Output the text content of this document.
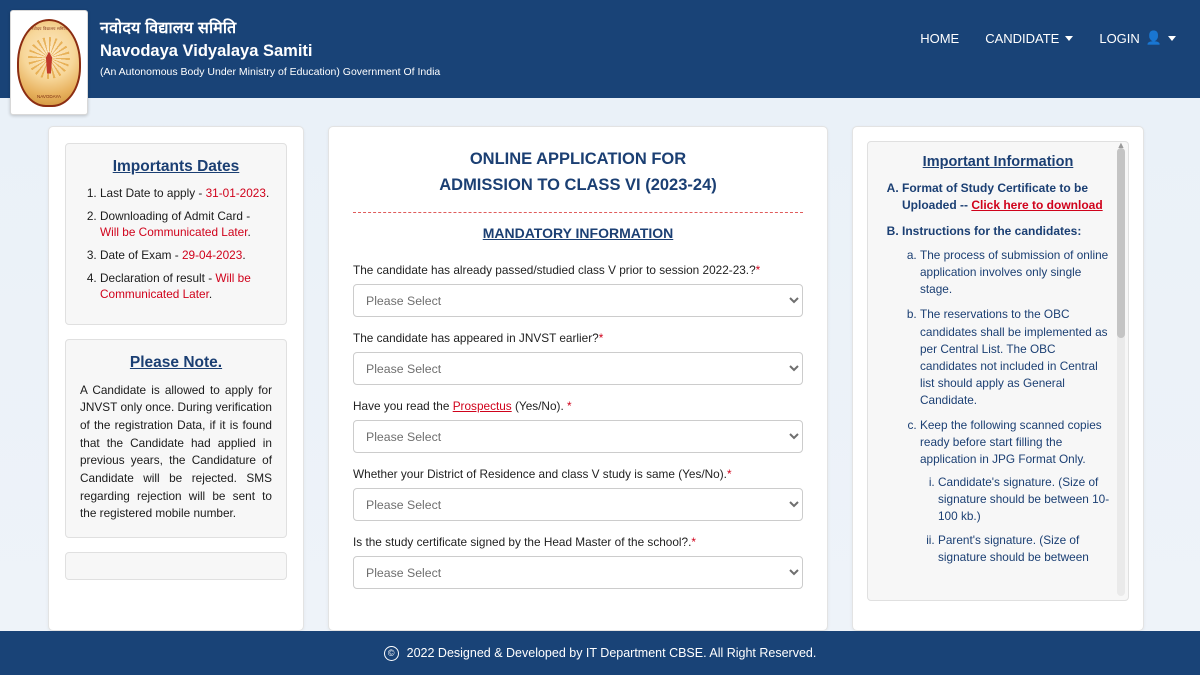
नवोदय विद्यालय समिति
NAVODAYA
नवोदय विद्यालय समिति
Navodaya Vidyalaya Samiti
(An Autonomous Body Under Ministry of Education) Government Of India
HOME CANDIDATE	LOGIN 👤
Importants Dates
1. Last Date to apply - 31-01-2023.
2. Downloading of Admit Card - Will be Communicated Later.
3. Date of Exam - 29-04-2023.
4. Declaration of result - Will be Communicated Later.
Please Note.

A Candidate is allowed to apply for JNVST only once. During verification of the registration Data, if it is found that the Candidate had applied in previous years, the Candidature of Candidate will be rejected. SMS regarding rejection will be sent to the registered mobile number.

ONLINE APPLICATION FOR
ADMISSION TO CLASS VI (2023-24)
MANDATORY INFORMATION
The candidate has already passed/studied class V prior to session 2022-23.?*
Please Select
The candidate has appeared in JNVST earlier?*
Please Select
Have you read the Prospectus (Yes/No). *
Please Select
Whether your District of Residence and class V study is same (Yes/No).*
Please Select
Is the study certificate signed by the Head Master of the school?.*
Please Select
Important Information
A. Format of Study Certificate to be Uploaded -- Click here to download
B. Instructions for the candidates:
a. The process of submission of online application involves only single stage.
b. The reservations to the OBC candidates shall be implemented as per Central List. The OBC candidates not included in Central list should apply as General Candidate.
c. Keep the following scanned copies ready before start filling the application in JPG Format Only.
i. Candidate's signature. (Size of signature should be between 10-100 kb.)
ii. Parent's signature. (Size of signature should be between
▲
© 2022 Designed & Developed by IT Department CBSE. All Right Reserved.
